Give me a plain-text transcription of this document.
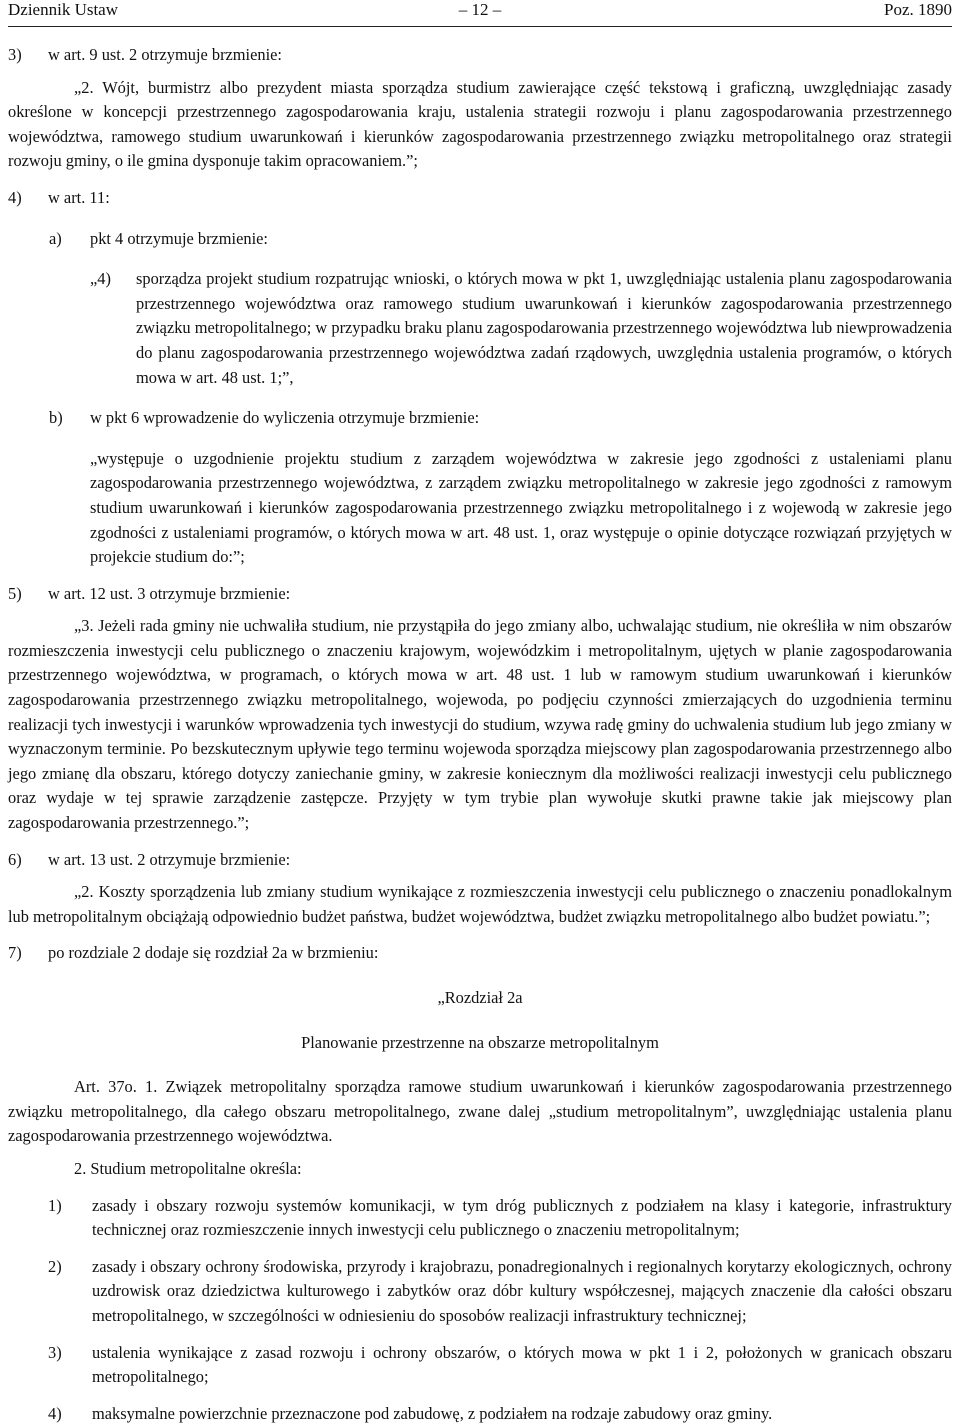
Dziennik Ustaw	– 12 –	Poz. 1890

3) w art. 9 ust. 2 otrzymuje brzmienie:

„2. Wójt, burmistrz albo prezydent miasta sporządza studium zawierające część tekstową i graficzną, uwzględniając zasady określone w koncepcji przestrzennego zagospodarowania kraju, ustalenia strategii rozwoju i planu zagospodarowania przestrzennego województwa, ramowego studium uwarunkowań i kierunków zagospodarowania przestrzennego związku metropolitalnego oraz strategii rozwoju gminy, o ile gmina dysponuje takim opracowaniem.”;

4) w art. 11:

a) pkt 4 otrzymuje brzmienie:

„4) sporządza projekt studium rozpatrując wnioski, o których mowa w pkt 1, uwzględniając ustalenia planu zagospodarowania przestrzennego województwa oraz ramowego studium uwarunkowań i kierunków zagospodarowania przestrzennego związku metropolitalnego; w przypadku braku planu zagospodarowania przestrzennego województwa lub niewprowadzenia do planu zagospodarowania przestrzennego województwa zadań rządowych, uwzględnia ustalenia programów, o których mowa w art. 48 ust. 1;”,

b) w pkt 6 wprowadzenie do wyliczenia otrzymuje brzmienie:

„występuje o uzgodnienie projektu studium z zarządem województwa w zakresie jego zgodności z ustaleniami planu zagospodarowania przestrzennego województwa, z zarządem związku metropolitalnego w zakresie jego zgodności z ramowym studium uwarunkowań i kierunków zagospodarowania przestrzennego związku metropolitalnego i z wojewodą w zakresie jego zgodności z ustaleniami programów, o których mowa w art. 48 ust. 1, oraz występuje o opinie dotyczące rozwiązań przyjętych w projekcie studium do:”;

5) w art. 12 ust. 3 otrzymuje brzmienie:

„3. Jeżeli rada gminy nie uchwaliła studium, nie przystąpiła do jego zmiany albo, uchwalając studium, nie określiła w nim obszarów rozmieszczenia inwestycji celu publicznego o znaczeniu krajowym, wojewódzkim i metropolitalnym, ujętych w planie zagospodarowania przestrzennego województwa, w programach, o których mowa w art. 48 ust. 1 lub w ramowym studium uwarunkowań i kierunków zagospodarowania przestrzennego związku metropolitalnego, wojewoda, po podjęciu czynności zmierzających do uzgodnienia terminu realizacji tych inwestycji i warunków wprowadzenia tych inwestycji do studium, wzywa radę gminy do uchwalenia studium lub jego zmiany w wyznaczonym terminie. Po bezskutecznym upływie tego terminu wojewoda sporządza miejscowy plan zagospodarowania przestrzennego albo jego zmianę dla obszaru, którego dotyczy zaniechanie gminy, w zakresie koniecznym dla możliwości realizacji inwestycji celu publicznego oraz wydaje w tej sprawie zarządzenie zastępcze. Przyjęty w tym trybie plan wywołuje skutki prawne takie jak miejscowy plan zagospodarowania przestrzennego.”;

6) w art. 13 ust. 2 otrzymuje brzmienie:

„2. Koszty sporządzenia lub zmiany studium wynikające z rozmieszczenia inwestycji celu publicznego o znaczeniu ponadlokalnym lub metropolitalnym obciążają odpowiednio budżet państwa, budżet województwa, budżet związku metropolitalnego albo budżet powiatu.”;

7) po rozdziale 2 dodaje się rozdział 2a w brzmieniu:

„Rozdział 2a

Planowanie przestrzenne na obszarze metropolitalnym

Art. 37o. 1. Związek metropolitalny sporządza ramowe studium uwarunkowań i kierunków zagospodarowania przestrzennego związku metropolitalnego, dla całego obszaru metropolitalnego, zwane dalej „studium metropolitalnym”, uwzględniając ustalenia planu zagospodarowania przestrzennego województwa.

2. Studium metropolitalne określa:

1) zasady i obszary rozwoju systemów komunikacji, w tym dróg publicznych z podziałem na klasy i kategorie, infrastruktury technicznej oraz rozmieszczenie innych inwestycji celu publicznego o znaczeniu metropolitalnym;

2) zasady i obszary ochrony środowiska, przyrody i krajobrazu, ponadregionalnych i regionalnych korytarzy ekologicznych, ochrony uzdrowisk oraz dziedzictwa kulturowego i zabytków oraz dóbr kultury współczesnej, mających znaczenie dla całości obszaru metropolitalnego, w szczególności w odniesieniu do sposobów realizacji infrastruktury technicznej;

3) ustalenia wynikające z zasad rozwoju i ochrony obszarów, o których mowa w pkt 1 i 2, położonych w granicach obszaru metropolitalnego;

4) maksymalne powierzchnie przeznaczone pod zabudowę, z podziałem na rodzaje zabudowy oraz gminy.
